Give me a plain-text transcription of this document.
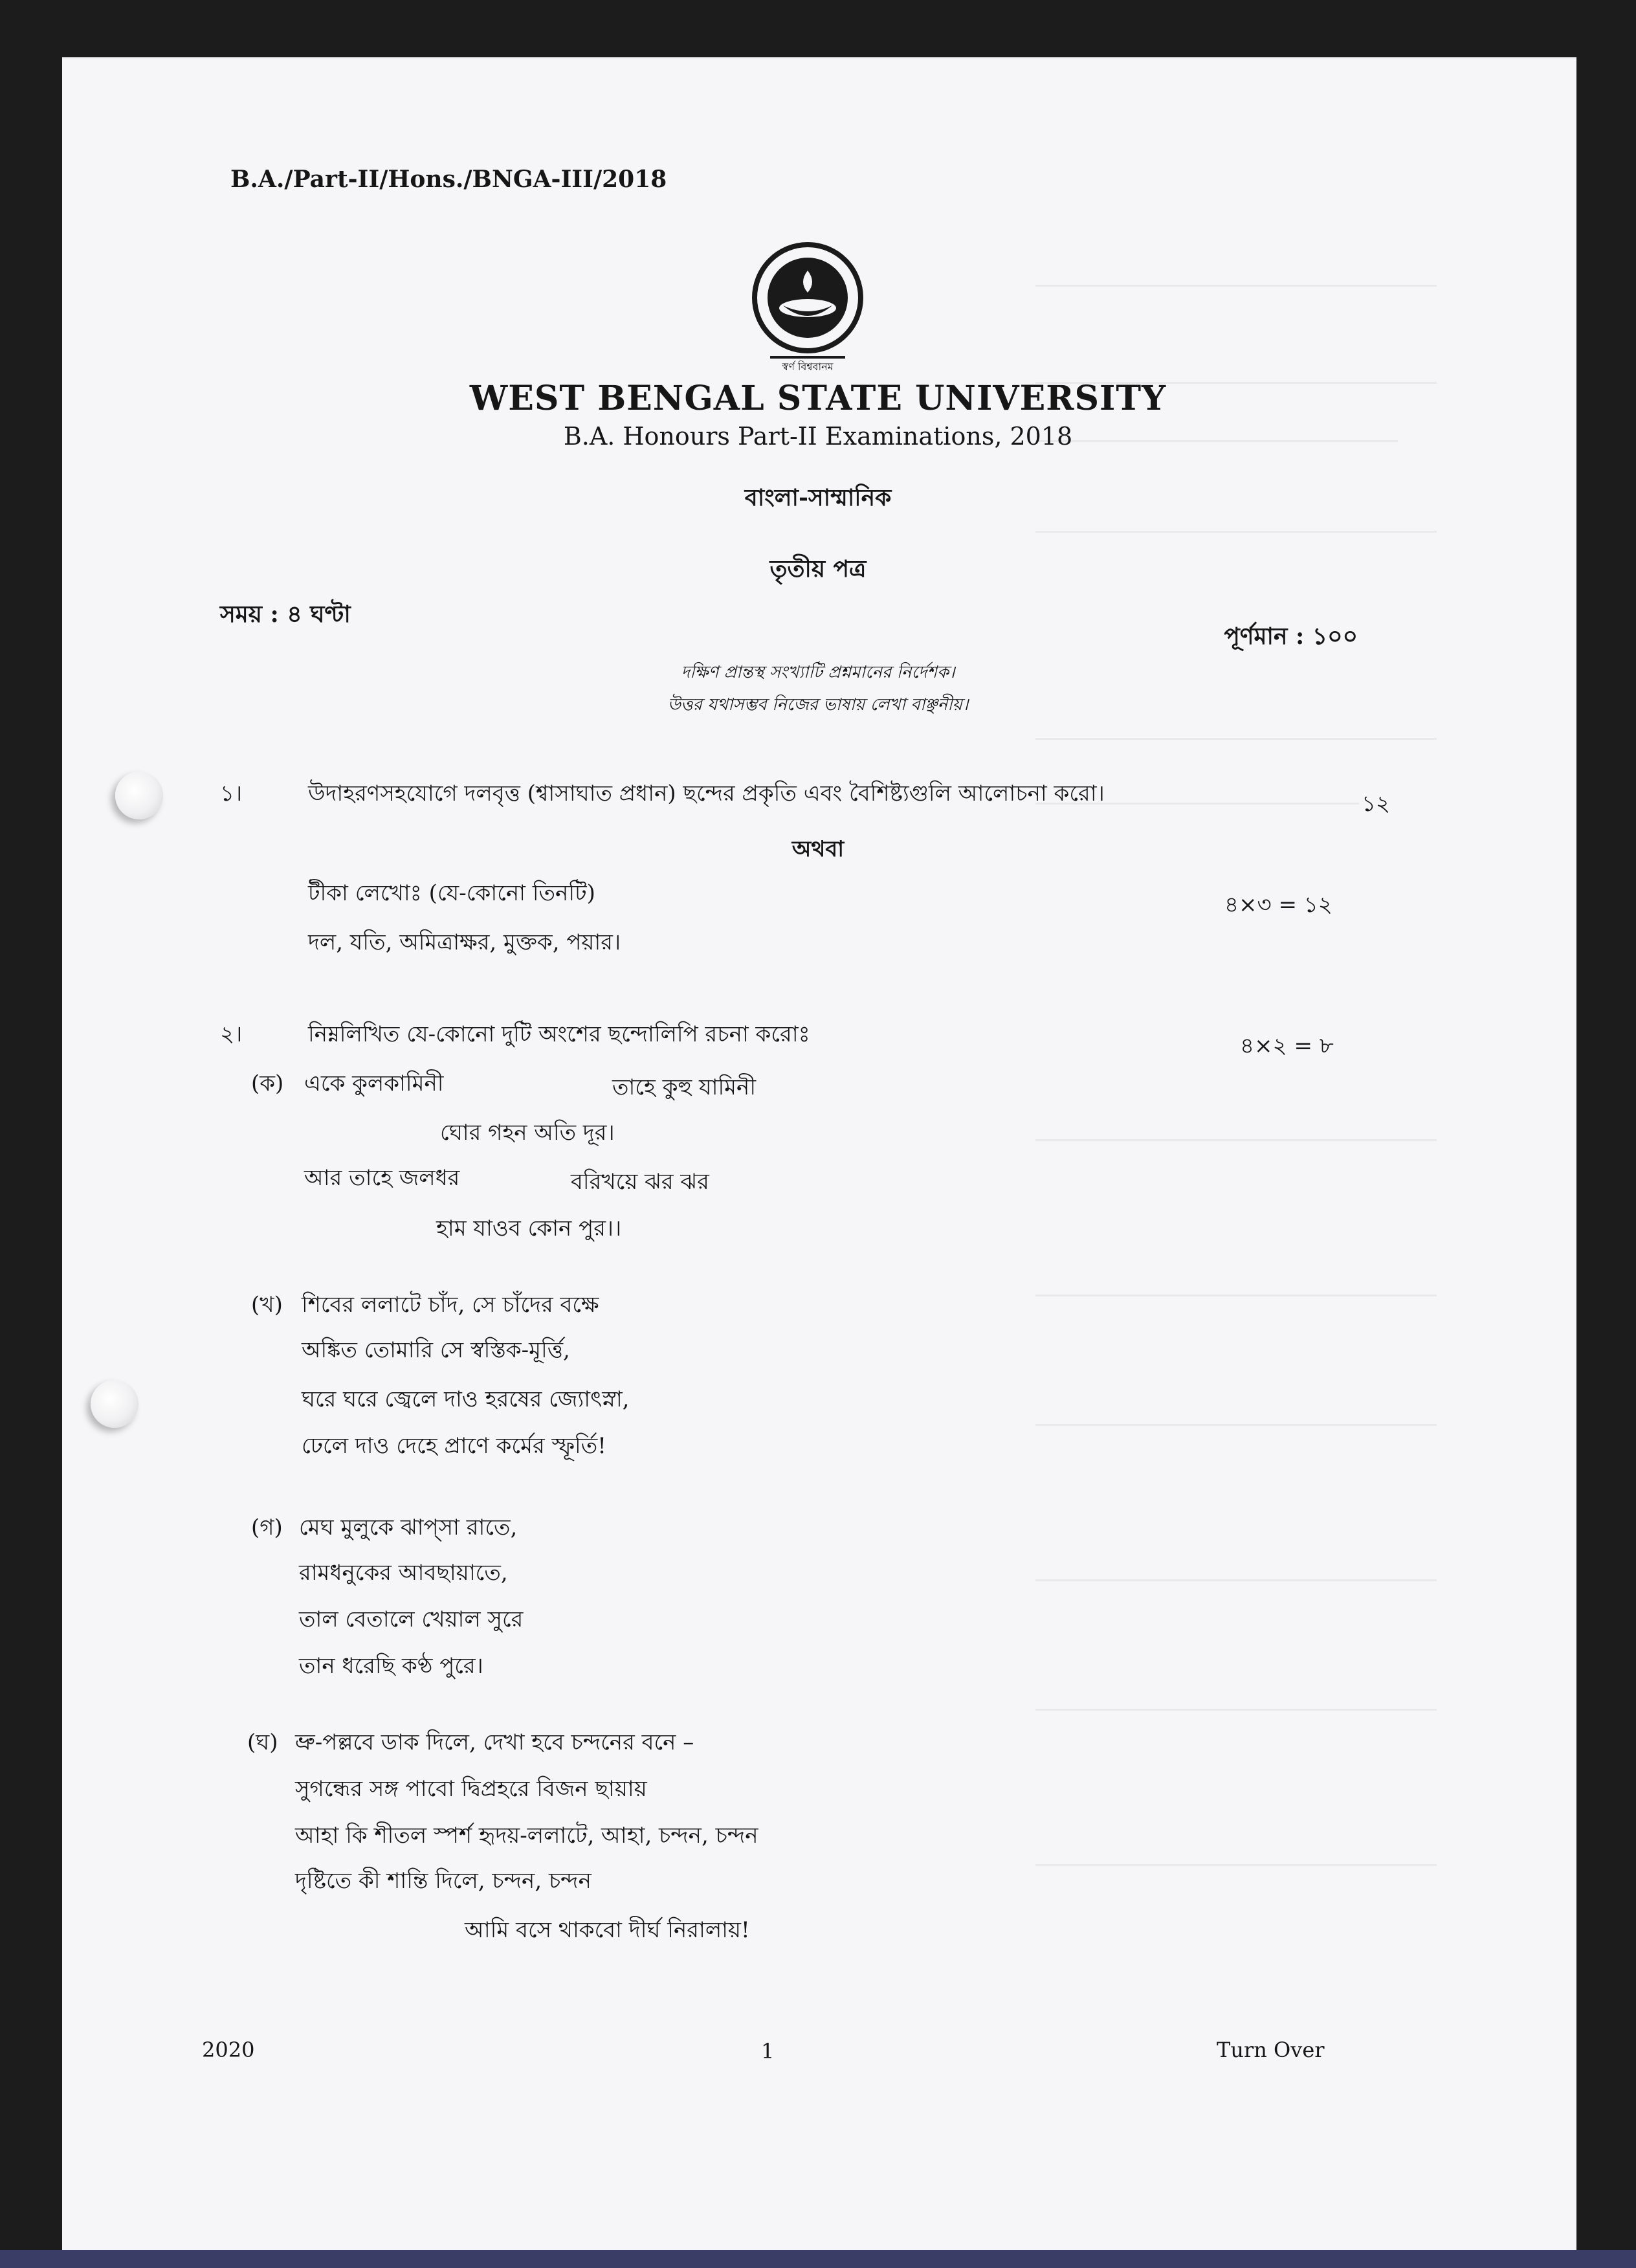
B.A./Part-II/Hons./BNGA-III/2018
স্বর্ণ বিশ্ববানম
WEST BENGAL STATE UNIVERSITY
B.A. Honours Part-II Examinations, 2018
বাংলা-সাম্মানিক
তৃতীয় পত্র
সময় : ৪ ঘণ্টা
পূর্ণমান : ১০০
দক্ষিণ প্রান্তস্থ সংখ্যাটি প্রশ্নমানের নির্দেশক।
উত্তর যথাসম্ভব নিজের ভাষায় লেখা বাঞ্ছনীয়।
১।	উদাহরণসহযোগে দলবৃত্ত (শ্বাসাঘাত প্রধান) ছন্দের প্রকৃতি এবং বৈশিষ্ট্যগুলি আলোচনা করো।	১২
অথবা
টীকা লেখোঃ (যে-কোনো তিনটি)	৪×৩ = ১২
দল, যতি, অমিত্রাক্ষর, মুক্তক, পয়ার।
২।	নিম্নলিখিত যে-কোনো দুটি অংশের ছন্দোলিপি রচনা করোঃ	৪×২ = ৮
(ক) একে কুলকামিনী	তাহে কুহু যামিনী
ঘোর গহন অতি দূর।
আর তাহে জলধর	বরিখয়ে ঝর ঝর
হাম যাওব কোন পুর।।
(খ) শিবের ললাটে চাঁদ, সে চাঁদের বক্ষে
অঙ্কিত তোমারি সে স্বস্তিক-মূর্ত্তি,
ঘরে ঘরে জ্বেলে দাও হরষের জ্যোৎস্না,
ঢেলে দাও দেহে প্রাণে কর্মের স্ফূর্তি!
(গ) মেঘ মুলুকে ঝাপ্‌সা রাতে,
রামধনুকের আবছায়াতে,
তাল বেতালে খেয়াল সুরে
তান ধরেছি কণ্ঠ পুরে।
(ঘ) ভ্রু-পল্লবে ডাক দিলে, দেখা হবে চন্দনের বনে –
সুগন্ধের সঙ্গ পাবো দ্বিপ্রহরে বিজন ছায়ায়
আহা কি শীতল স্পর্শ হৃদয়-ললাটে, আহা, চন্দন, চন্দন
দৃষ্টিতে কী শান্তি দিলে, চন্দন, চন্দন
আমি বসে থাকবো দীর্ঘ নিরালায়!
2020	1	Turn Over
